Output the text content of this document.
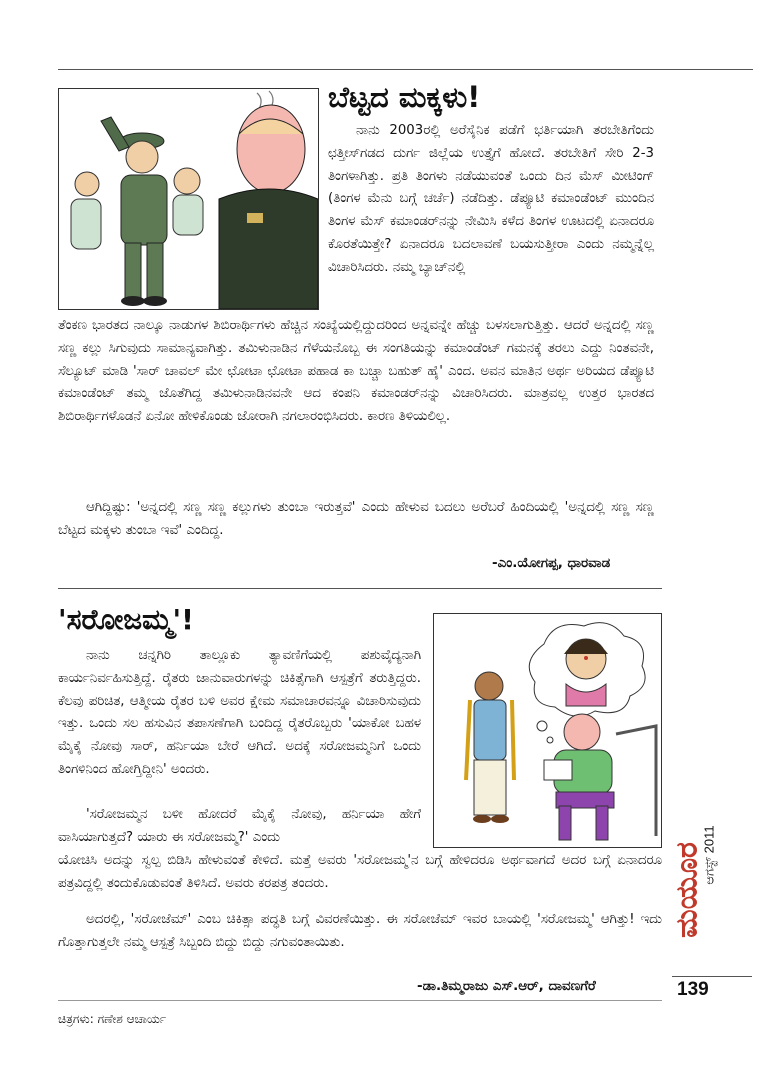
ಬೆಟ್ಟದ ಮಕ್ಕಳು!

ನಾನು 2003ರಲ್ಲಿ ಅರೆಸೈನಿಕ ಪಡೆಗೆ ಭರ್ತಿಯಾಗಿ ತರಬೇತಿಗೆಂದು ಛತ್ತೀಸ್‌ಗಡದ ದುರ್ಗ ಜಿಲ್ಲೆಯ ಉತ್ತೈಗೆ ಹೋದೆ. ತರಬೇತಿಗೆ ಸೇರಿ 2-3 ತಿಂಗಳಾಗಿತ್ತು. ಪ್ರತಿ ತಿಂಗಳು ನಡೆಯುವಂತೆ ಒಂದು ದಿನ ಮೆಸ್ ಮೀಟಿಂಗ್ (ತಿಂಗಳ ಮೆನು ಬಗ್ಗೆ ಚರ್ಚೆ) ನಡೆದಿತ್ತು. ಡೆಪ್ಯೂಟಿ ಕಮಾಂಡೆಂಟ್ ಮುಂದಿನ ತಿಂಗಳ ಮೆಸ್ ಕಮಾಂಡರ್‌ನನ್ನು ನೇಮಿಸಿ ಕಳೆದ ತಿಂಗಳ ಊಟದಲ್ಲಿ ಏನಾದರೂ ಕೊರತೆಯಿತ್ತೇ? ಏನಾದರೂ ಬದಲಾವಣೆ ಬಯಸುತ್ತೀರಾ ಎಂದು ನಮ್ಮನ್ನೆಲ್ಲ ವಿಚಾರಿಸಿದರು. ನಮ್ಮ ಬ್ಯಾಚ್‌ನಲ್ಲಿ

ತೆಂಕಣ ಭಾರತದ ನಾಲ್ಕೂ ನಾಡುಗಳ ಶಿಬಿರಾರ್ಥಿಗಳು ಹೆಚ್ಚಿನ ಸಂಖ್ಯೆಯಲ್ಲಿದ್ದುದರಿಂದ ಅನ್ನವನ್ನೇ ಹೆಚ್ಚು ಬಳಸಲಾಗುತ್ತಿತ್ತು. ಆದರೆ ಅನ್ನದಲ್ಲಿ ಸಣ್ಣ ಸಣ್ಣ ಕಲ್ಲು ಸಿಗುವುದು ಸಾಮಾನ್ಯವಾಗಿತ್ತು. ತಮಿಳುನಾಡಿನ ಗೆಳೆಯನೊಬ್ಬ ಈ ಸಂಗತಿಯನ್ನು ಕಮಾಂಡೆಂಟ್ ಗಮನಕ್ಕೆ ತರಲು ಎದ್ದು ನಿಂತವನೇ, ಸೆಲ್ಯೂಟ್ ಮಾಡಿ 'ಸಾರ್ ಚಾವಲ್ ಮೇ ಛೋಟಾ ಛೋಟಾ ಪಹಾಡ ಕಾ ಬಚ್ಚಾ ಬಹುತ್ ಹೈ' ಎಂದ. ಅವನ ಮಾತಿನ ಅರ್ಥ ಅರಿಯದ ಡೆಪ್ಯೂಟಿ ಕಮಾಂಡೆಂಟ್ ತಮ್ಮ ಜೊತೆಗಿದ್ದ ತಮಿಳುನಾಡಿನವನೇ ಆದ ಕಂಪನಿ ಕಮಾಂಡರ್‌ನನ್ನು ವಿಚಾರಿಸಿದರು. ಮಾತ್ರವಲ್ಲ ಉತ್ತರ ಭಾರತದ ಶಿಬಿರಾರ್ಥಿಗಳೊಡನೆ ಏನೋ ಹೇಳಿಕೊಂಡು ಜೋರಾಗಿ ನಗಲಾರಂಭಿಸಿದರು. ಕಾರಣ ತಿಳಿಯಲಿಲ್ಲ.

ಆಗಿದ್ದಿಷ್ಟು: 'ಅನ್ನದಲ್ಲಿ ಸಣ್ಣ ಸಣ್ಣ ಕಲ್ಲುಗಳು ತುಂಬಾ ಇರುತ್ತವೆ' ಎಂದು ಹೇಳುವ ಬದಲು ಅರೆಬರೆ ಹಿಂದಿಯಲ್ಲಿ 'ಅನ್ನದಲ್ಲಿ ಸಣ್ಣ ಸಣ್ಣ ಬೆಟ್ಟದ ಮಕ್ಕಳು ತುಂಬಾ ಇವೆ' ಎಂದಿದ್ದ.

-ಎಂ.ಯೋಗಪ್ಪ, ಧಾರವಾಡ
'ಸರೋಜಮ್ಮ'!

ನಾನು ಚನ್ನಗಿರಿ ತಾಲ್ಲೂಕು ತ್ಯಾವಣಿಗೆಯಲ್ಲಿ ಪಶುವೈದ್ಯನಾಗಿ ಕಾರ್ಯನಿರ್ವಹಿಸುತ್ತಿದ್ದೆ. ರೈತರು ಜಾನುವಾರುಗಳನ್ನು ಚಿಕಿತ್ಸೆಗಾಗಿ ಆಸ್ಪತ್ರೆಗೆ ತರುತ್ತಿದ್ದರು. ಕೆಲವು ಪರಿಚಿತ, ಆತ್ಮೀಯ ರೈತರ ಬಳಿ ಅವರ ಕ್ಷೇಮ ಸಮಾಚಾರವನ್ನೂ ವಿಚಾರಿಸುವುದು ಇತ್ತು. ಒಂದು ಸಲ ಹಸುವಿನ ತಪಾಸಣೆಗಾಗಿ ಬಂದಿದ್ದ ರೈತರೊಬ್ಬರು 'ಯಾಕೋ ಬಹಳ ಮೈಕೈ ನೋವು ಸಾರ್, ಹರ್ನಿಯಾ ಬೇರೆ ಆಗಿದೆ. ಅದಕ್ಕೆ ಸರೋಜಮ್ಮನಿಗೆ ಒಂದು ತಿಂಗಳಿನಿಂದ ಹೋಗ್ತಿದ್ದೀನಿ' ಅಂದರು.

'ಸರೋಜಮ್ಮನ ಬಳೀ ಹೋದರೆ ಮೈಕೈ ನೋವು, ಹರ್ನಿಯಾ ಹೇಗೆ ವಾಸಿಯಾಗುತ್ತದೆ? ಯಾರು ಈ ಸರೋಜಮ್ಮ?' ಎಂದು

ಯೋಚಿಸಿ ಅದನ್ನು ಸ್ವಲ್ಪ ಬಿಡಿಸಿ ಹೇಳುವಂತೆ ಕೇಳಿದೆ. ಮತ್ತೆ ಅವರು 'ಸರೋಜಮ್ಮ'ನ ಬಗ್ಗೆ ಹೇಳಿದರೂ ಅರ್ಥವಾಗದೆ ಅದರ ಬಗ್ಗೆ ಏನಾದರೂ ಪತ್ರವಿದ್ದಲ್ಲಿ ತಂದುಕೊಡುವಂತೆ ತಿಳಿಸಿದೆ. ಅವರು ಕರಪತ್ರ ತಂದರು.

ಅದರಲ್ಲಿ, 'ಸರೋಜೆಮ್' ಎಂಬ ಚಿಕಿತ್ಸಾ ಪದ್ಧತಿ ಬಗ್ಗೆ ವಿವರಣೆಯಿತ್ತು. ಈ ಸರೋಜೆಮ್ ಇವರ ಬಾಯಲ್ಲಿ 'ಸರೋಜಮ್ಮ' ಆಗಿತ್ತು! ಇದು ಗೊತ್ತಾಗುತ್ತಲೇ ನಮ್ಮ ಆಸ್ಪತ್ರೆ ಸಿಬ್ಬಂದಿ ಬಿದ್ದು ಬಿದ್ದು ನಗುವಂತಾಯಿತು.

-ಡಾ.ತಿಮ್ಮರಾಜು ಎಸ್.ಆರ್, ದಾವಣಗೆರೆ
ಮಯೂರ
ಆಗಸ್ಟ್ 2011
139
ಚಿತ್ರಗಳು: ಗಣೇಶ ಆಚಾರ್ಯ
